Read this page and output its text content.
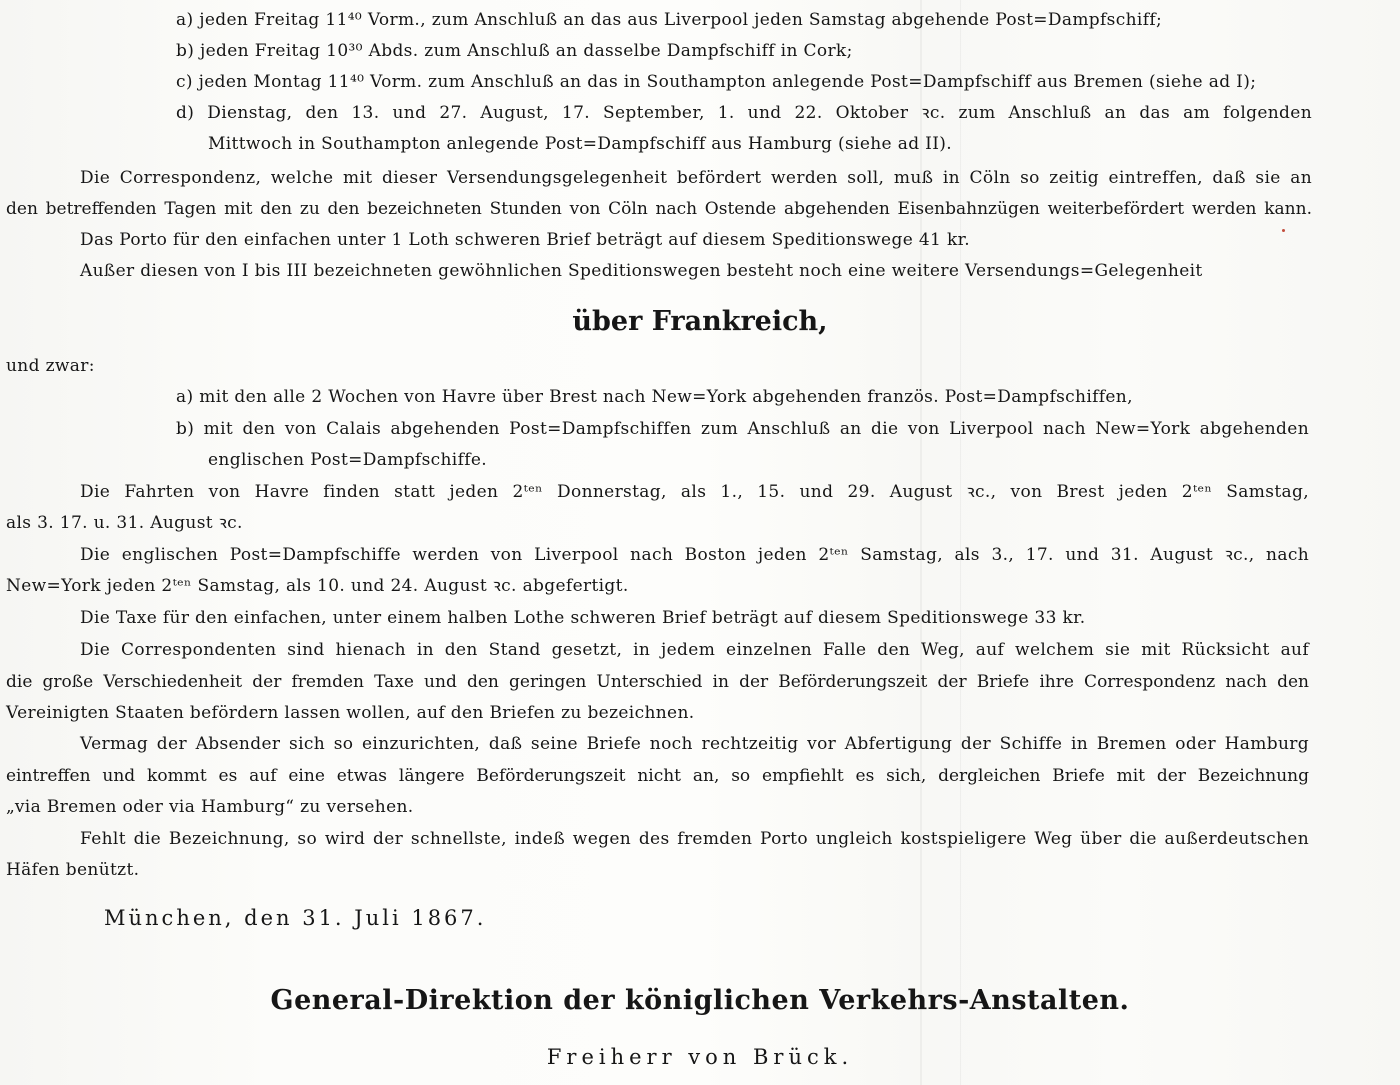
a) jeden Freitag 11⁴⁰ Vorm., zum Anschluß an das aus Liverpool jeden Samstag abgehende Post=Dampfschiff;
b) jeden Freitag 10³⁰ Abds. zum Anschluß an dasselbe Dampfschiff in Cork;
c) jeden Montag 11⁴⁰ Vorm. zum Anschluß an das in Southampton anlegende Post=Dampfschiff aus Bremen (siehe ad I);
d) Dienstag, den 13. und 27. August, 17. September, 1. und 22. Oktober ꝛc. zum Anschluß an das am folgenden
Mittwoch in Southampton anlegende Post=Dampfschiff aus Hamburg (siehe ad II).
Die Correspondenz, welche mit dieser Versendungsgelegenheit befördert werden soll, muß in Cöln so zeitig eintreffen, daß sie an
den betreffenden Tagen mit den zu den bezeichneten Stunden von Cöln nach Ostende abgehenden Eisenbahnzügen weiterbefördert werden kann.
Das Porto für den einfachen unter 1 Loth schweren Brief beträgt auf diesem Speditionswege 41 kr.
Außer diesen von I bis III bezeichneten gewöhnlichen Speditionswegen besteht noch eine weitere Versendungs=Gelegenheit
über Frankreich,
und zwar:
a) mit den alle 2 Wochen von Havre über Brest nach New=York abgehenden französ. Post=Dampfschiffen,
b) mit den von Calais abgehenden Post=Dampfschiffen zum Anschluß an die von Liverpool nach New=York abgehenden
englischen Post=Dampfschiffe.
Die Fahrten von Havre finden statt jeden 2ᵗᵉⁿ Donnerstag, als 1., 15. und 29. August ꝛc., von Brest jeden 2ᵗᵉⁿ Samstag,
als 3. 17. u. 31. August ꝛc.
Die englischen Post=Dampfschiffe werden von Liverpool nach Boston jeden 2ᵗᵉⁿ Samstag, als 3., 17. und 31. August ꝛc., nach
New=York jeden 2ᵗᵉⁿ Samstag, als 10. und 24. August ꝛc. abgefertigt.
Die Taxe für den einfachen, unter einem halben Lothe schweren Brief beträgt auf diesem Speditionswege 33 kr.
Die Correspondenten sind hienach in den Stand gesetzt, in jedem einzelnen Falle den Weg, auf welchem sie mit Rücksicht auf
die große Verschiedenheit der fremden Taxe und den geringen Unterschied in der Beförderungszeit der Briefe ihre Correspondenz nach den
Vereinigten Staaten befördern lassen wollen, auf den Briefen zu bezeichnen.
Vermag der Absender sich so einzurichten, daß seine Briefe noch rechtzeitig vor Abfertigung der Schiffe in Bremen oder Hamburg
eintreffen und kommt es auf eine etwas längere Beförderungszeit nicht an, so empfiehlt es sich, dergleichen Briefe mit der Bezeichnung
„via Bremen oder via Hamburg“ zu versehen.
Fehlt die Bezeichnung, so wird der schnellste, indeß wegen des fremden Porto ungleich kostspieligere Weg über die außerdeutschen
Häfen benützt.
München, den 31. Juli 1867.
General-Direktion der königlichen Verkehrs-Anstalten.
Freiherr von Brück.
